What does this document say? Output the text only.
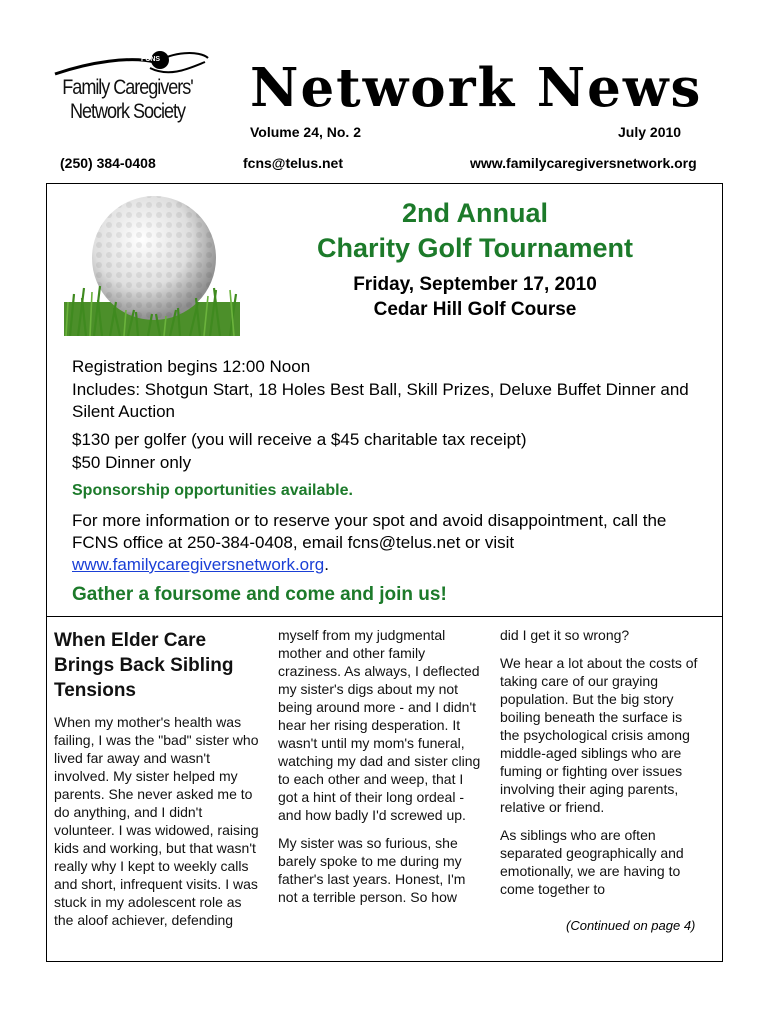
FCNS
Family Caregivers' Network Society	Network News
Volume 24, No. 2	July 2010
(250) 384-0408	fcns@telus.net	www.familycaregiversnetwork.org
2nd Annual
Charity Golf Tournament
Friday, September 17, 2010
Cedar Hill Golf Course
Registration begins 12:00 Noon
Includes: Shotgun Start, 18 Holes Best Ball, Skill Prizes, Deluxe Buffet Dinner and Silent Auction
$130 per golfer (you will receive a $45 charitable tax receipt)
$50 Dinner only
Sponsorship opportunities available.
For more information or to reserve your spot and avoid disappointment, call the FCNS office at 250-384-0408, email fcns@telus.net or visit www.familycaregiversnetwork.org.
Gather a foursome and come and join us!
When Elder Care Brings Back Sibling Tensions

When my mother's health was failing, I was the "bad" sister who lived far away and wasn't involved. My sister helped my parents. She never asked me to do anything, and I didn't volunteer. I was widowed, raising kids and working, but that wasn't really why I kept to weekly calls and short, infrequent visits. I was stuck in my adolescent role as the aloof achiever, defending

myself from my judgmental mother and other family craziness. As always, I deflected my sister's digs about my not being around more - and I didn't hear her rising desperation. It wasn't until my mom's funeral, watching my dad and sister cling to each other and weep, that I got a hint of their long ordeal - and how badly I'd screwed up.

My sister was so furious, she barely spoke to me during my father's last years. Honest, I'm not a terrible person. So how

did I get it so wrong?

We hear a lot about the costs of taking care of our graying population. But the big story boiling beneath the surface is the psychological crisis among middle-aged siblings who are fuming or fighting over issues involving their aging parents, relative or friend.

As siblings who are often separated geographically and emotionally, we are having to come together to

(Continued on page 4)
